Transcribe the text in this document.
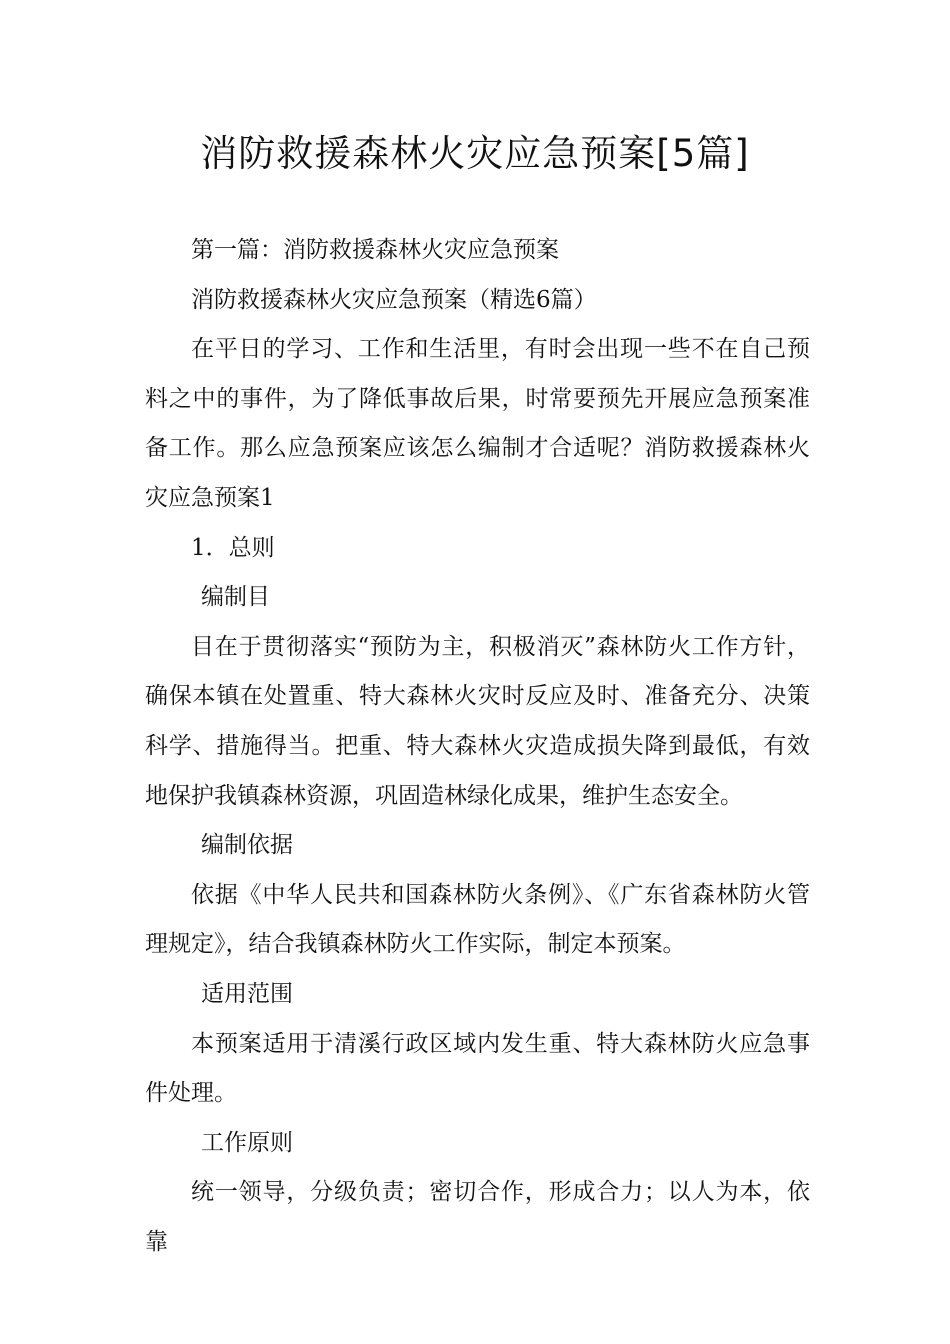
消防救援森林火灾应急预案[5篇]

第一篇：消防救援森林火灾应急预案

消防救援森林火灾应急预案（精选6篇）

在平日的学习、工作和生活里，有时会出现一些不在自己预料之中的事件，为了降低事故后果，时常要预先开展应急预案准备工作。那么应急预案应该怎么编制才合适呢？消防救援森林火灾应急预案1

1．总则

编制目

目在于贯彻落实“预防为主，积极消灭”森林防火工作方针，确保本镇在处置重、特大森林火灾时反应及时、准备充分、决策科学、措施得当。把重、特大森林火灾造成损失降到最低，有效地保护我镇森林资源，巩固造林绿化成果，维护生态安全。

编制依据

依据《中华人民共和国森林防火条例》、《广东省森林防火管理规定》，结合我镇森林防火工作实际，制定本预案。

适用范围

本预案适用于清溪行政区域内发生重、特大森林防火应急事件处理。

工作原则

统一领导，分级负责；密切合作，形成合力；以人为本，依靠
